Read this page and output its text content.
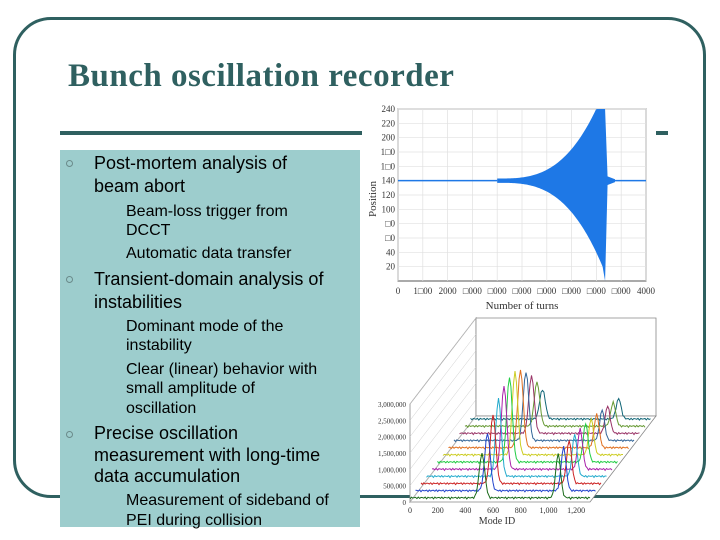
Bunch oscillation recorder
Post-mortem analysis of
beam abort
Beam-loss trigger from
DCCT
Automatic data transfer
Transient-domain analysis of
instabilities
Dominant mode of the
instability
Clear (linear) behavior with
small amplitude of
oscillation
Precise oscillation
measurement with long-time
data accumulation
Measurement of sideband of
PEI during collision
240
220
200
1□0
1□0
140
120
100
□0
□0
40
20
0 1□00 2000 □000 □000 □000 □000 □000 □000 □000 4000
Position
Number of turns
3,000,000
2,500,000
2,000,000
1,500,000
1,000,000
500,000
0
0 200 400 600 800 1,000 1,200
Mode ID
